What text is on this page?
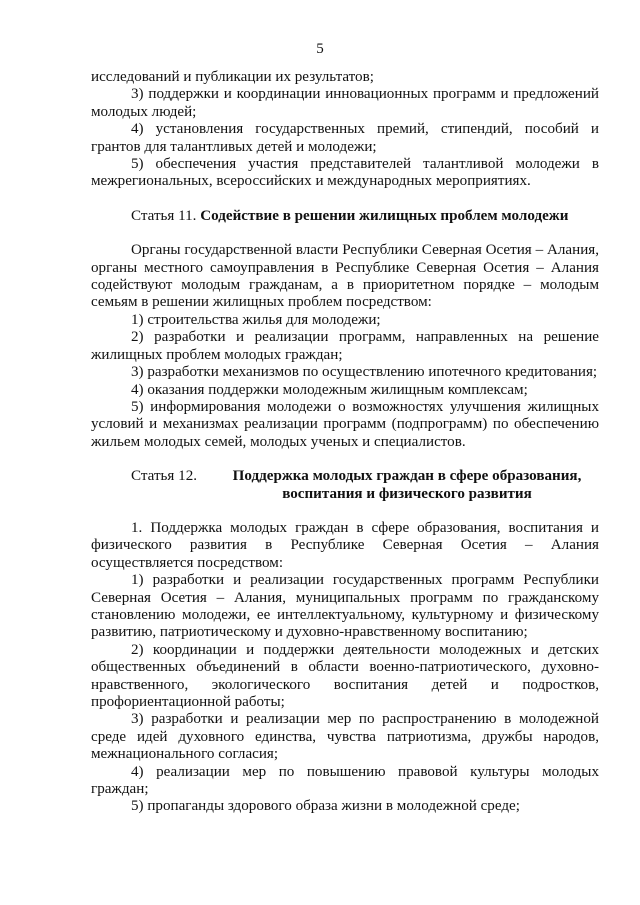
5

исследований и публикации их результатов;

3) поддержки и координации инновационных программ и предложений молодых людей;

4) установления государственных премий, стипендий, пособий и грантов для талантливых детей и молодежи;

5) обеспечения участия представителей талантливой молодежи в межрегиональных, всероссийских и международных мероприятиях.

Статья 11. Содействие в решении жилищных проблем молодежи

Органы государственной власти Республики Северная Осетия – Алания, органы местного самоуправления в Республике Северная Осетия – Алания содействуют молодым гражданам, а в приоритетном порядке – молодым семьям в решении жилищных проблем посредством:

1) строительства жилья для молодежи;

2) разработки и реализации программ, направленных на решение жилищных проблем молодых граждан;

3) разработки механизмов по осуществлению ипотечного кредитования;

4) оказания поддержки молодежным жилищным комплексам;

5) информирования молодежи о возможностях улучшения жилищных условий и механизмах реализации программ (подпрограмм) по обеспечению жильем молодых семей, молодых ученых и специалистов.

Статья 12.	Поддержка молодых граждан в сфере образования, воспитания и физического развития

1. Поддержка молодых граждан в сфере образования, воспитания и физического развития в Республике Северная Осетия – Алания осуществляется посредством:

1) разработки и реализации государственных программ Республики Северная Осетия – Алания, муниципальных программ по гражданскому становлению молодежи, ее интеллектуальному, культурному и физическому развитию, патриотическому и духовно-нравственному воспитанию;

2) координации и поддержки деятельности молодежных и детских общественных объединений в области военно-патриотического, духовно-нравственного, экологического воспитания детей и подростков, профориентационной работы;

3) разработки и реализации мер по распространению в молодежной среде идей духовного единства, чувства патриотизма, дружбы народов, межнационального согласия;

4) реализации мер по повышению правовой культуры молодых граждан;

5) пропаганды здорового образа жизни в молодежной среде;
